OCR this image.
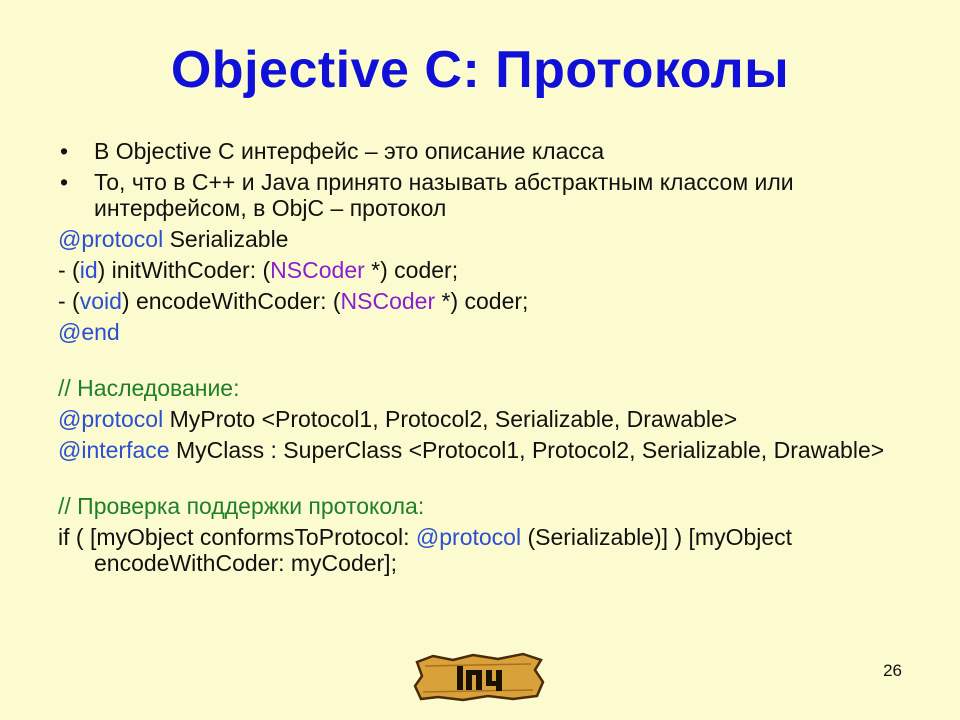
Objective C: Протоколы
• В Objective C интерфейс – это описание класса
• То, что в C++ и Java принято называть абстрактным классом или интерфейсом, в ObjC – протокол
@protocol Serializable
- (id) initWithCoder: (NSCoder *) coder;
- (void) encodeWithCoder: (NSCoder *) coder;
@end
// Наследование:
@protocol MyProto <Protocol1, Protocol2, Serializable, Drawable>
@interface MyClass : SuperClass <Protocol1, Protocol2, Serializable, Drawable>
// Проверка поддержки протокола:
if ( [myObject conformsToProtocol: @protocol (Serializable)] ) [myObject encodeWithCoder: myCoder];
26
